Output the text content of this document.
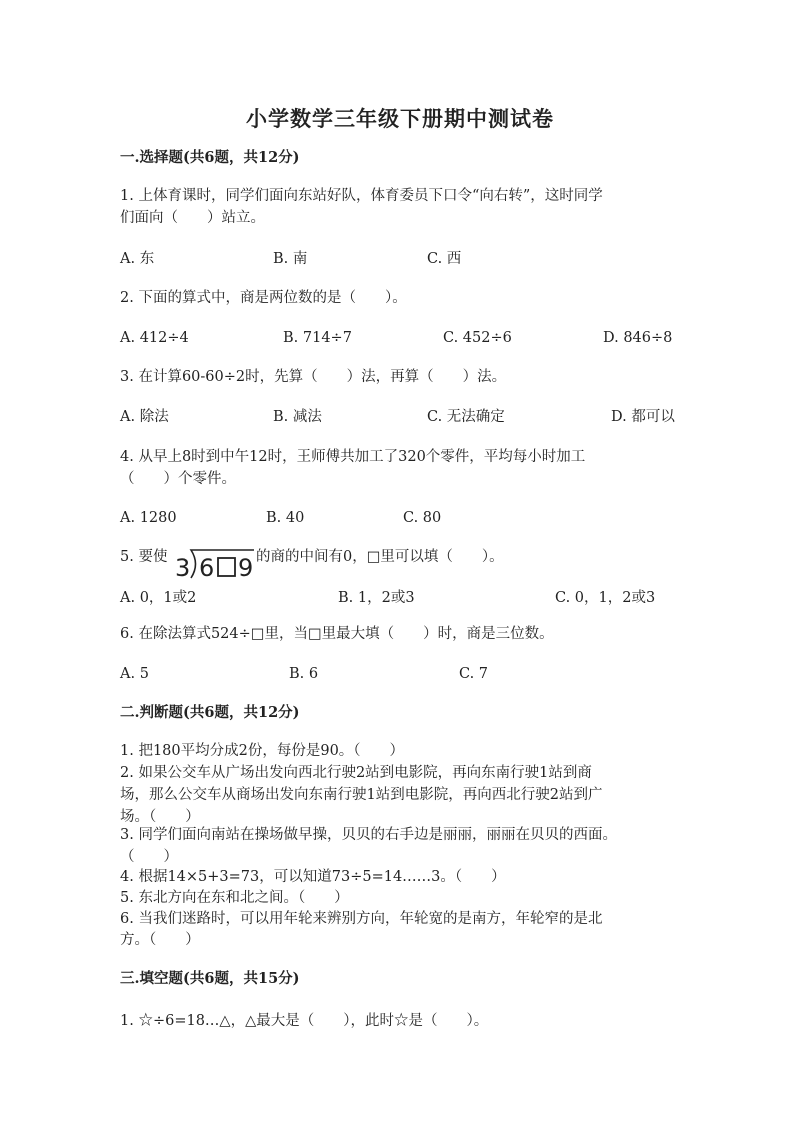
小学数学三年级下册期中测试卷
一.选择题(共6题，共12分)
1. 上体育课时，同学们面向东站好队，体育委员下口令“向右转”，这时同学
们面向（　　）站立。
A. 东	B. 南	C. 西
2. 下面的算式中，商是两位数的是（　　）。
A. 412÷4	B. 714÷7	C. 452÷6	D. 846÷8
3. 在计算60-60÷2时，先算（　　）法，再算（　　）法。
A. 除法	B. 减法	C. 无法确定	D. 都可以
4. 从早上8时到中午12时，王师傅共加工了320个零件，平均每小时加工
（　　）个零件。
A. 1280	B. 40	C. 80
5. 要使 3 6 9 的商的中间有0，□里可以填（　　）。
A. 0，1或2	B. 1，2或3	C. 0，1，2或3
6. 在除法算式524÷□里，当□里最大填（　　）时，商是三位数。
A. 5	B. 6	C. 7
二.判断题(共6题，共12分)
1. 把180平均分成2份，每份是90。（　　）
2. 如果公交车从广场出发向西北行驶2站到电影院，再向东南行驶1站到商
场，那么公交车从商场出发向东南行驶1站到电影院，再向西北行驶2站到广
场。（　　）
3. 同学们面向南站在操场做早操，贝贝的右手边是丽丽，丽丽在贝贝的西面。
（　　）
4. 根据14×5+3=73，可以知道73÷5=14……3。（　　）
5. 东北方向在东和北之间。（　　）
6. 当我们迷路时，可以用年轮来辨别方向，年轮宽的是南方，年轮窄的是北
方。（　　）
三.填空题(共6题，共15分)
1. ☆÷6=18…△，△最大是（　　），此时☆是（　　）。
